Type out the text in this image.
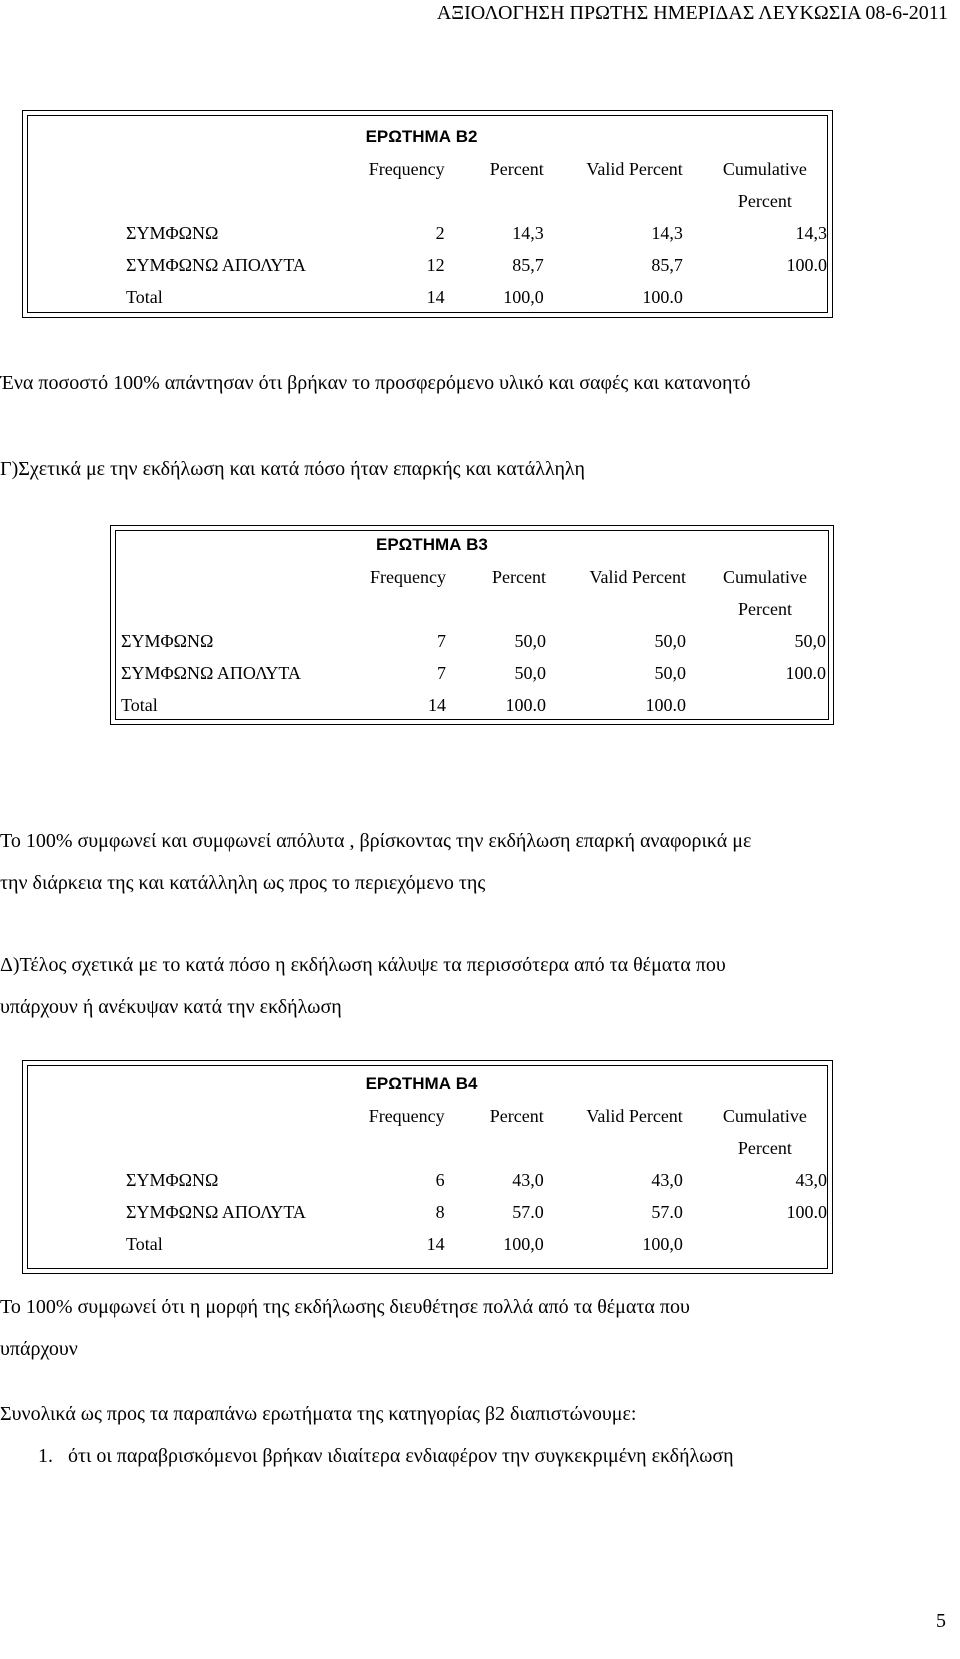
ΑΞΙΟΛΟΓΗΣΗ ΠΡΩΤΗΣ ΗΜΕΡΙΔΑΣ ΛΕΥΚΩΣΙΑ 08-6-2011
	ΕΡΩΤΗΜΑ Β2			
	Frequency	Percent	Valid Percent	Cumulative
				Percent
ΣΥΜΦΩΝΩ	2	14,3	14,3	14,3
ΣΥΜΦΩΝΩ ΑΠΟΛΥΤΑ	12	85,7	85,7	100.0
Total	14	100,0	100.0	
Ένα ποσοστό 100% απάντησαν ότι βρήκαν το προσφερόμενο υλικό και σαφές και κατανοητό
Γ)Σχετικά με την εκδήλωση και κατά πόσο ήταν επαρκής και κατάλληλη
	ΕΡΩΤΗΜΑ Β3			
	Frequency	Percent	Valid Percent	Cumulative
				Percent
ΣΥΜΦΩΝΩ	7	50,0	50,0	50,0
ΣΥΜΦΩΝΩ ΑΠΟΛΥΤΑ	7	50,0	50,0	100.0
Total	14	100.0	100.0	
Το 100% συμφωνεί και συμφωνεί απόλυτα , βρίσκοντας την εκδήλωση επαρκή αναφορικά με
την διάρκεια της και κατάλληλη ως προς το περιεχόμενο της
Δ)Τέλος σχετικά με το κατά πόσο η εκδήλωση κάλυψε τα περισσότερα από τα θέματα που
υπάρχουν ή ανέκυψαν κατά την εκδήλωση
	ΕΡΩΤΗΜΑ Β4			
	Frequency	Percent	Valid Percent	Cumulative
				Percent
ΣΥΜΦΩΝΩ	6	43,0	43,0	43,0
ΣΥΜΦΩΝΩ ΑΠΟΛΥΤΑ	8	57.0	57.0	100.0
Total	14	100,0	100,0	
Το 100% συμφωνεί ότι η μορφή της εκδήλωσης διευθέτησε πολλά από τα θέματα που
υπάρχουν
Συνολικά ως προς τα παραπάνω ερωτήματα της κατηγορίας β2 διαπιστώνουμε:
1. ότι οι παραβρισκόμενοι βρήκαν ιδιαίτερα ενδιαφέρον την συγκεκριμένη εκδήλωση
5
